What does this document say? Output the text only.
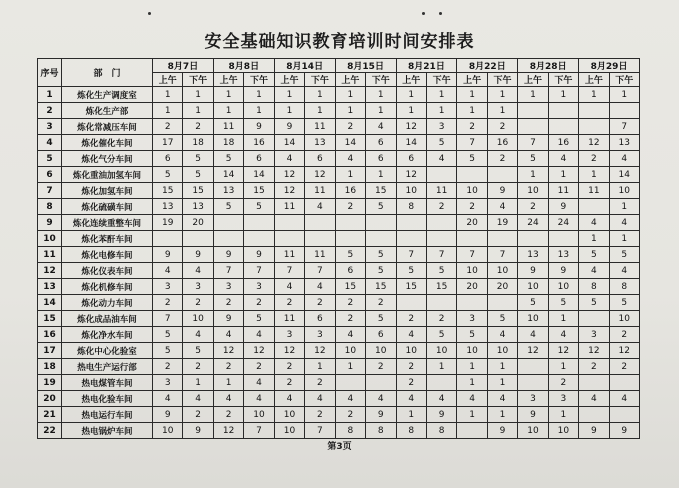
安全基础知识教育培训时间安排表
序号	部　门	8月7日		8月8日		8月14日		8月15日		8月21日		8月22日		8月28日		8月29日	
		上午	下午	上午	下午	上午	下午	上午	下午	上午	下午	上午	下午	上午	下午	上午	下午
1	炼化生产调度室	1	1	1	1	1	1	1	1	1	1	1	1	1	1	1	1
2	炼化生产部	1	1	1	1	1	1	1	1	1	1	1	1				
3	炼化常减压车间	2	2	11	9	9	11	2	4	12	3	2	2				7
4	炼化催化车间	17	18	18	16	14	13	14	6	14	5	7	16	7	16	12	13
5	炼化气分车间	6	5	5	6	4	6	4	6	6	4	5	2	5	4	2	4
6	炼化重油加氢车间	5	5	14	14	12	12	1	1	12				1	1	1	14
7	炼化加氢车间	15	15	13	15	12	11	16	15	10	11	10	9	10	11	11	10
8	炼化硫磺车间	13	13	5	5	11	4	2	5	8	2	2	4	2	9		1
9	炼化连续重整车间	19	20									20	19	24	24	4	4
10	炼化苯酐车间															1	1
11	炼化电修车间	9	9	9	9	11	11	5	5	7	7	7	7	13	13	5	5
12	炼化仪表车间	4	4	7	7	7	7	6	5	5	5	10	10	9	9	4	4
13	炼化机修车间	3	3	3	3	4	4	15	15	15	15	20	20	10	10	8	8
14	炼化动力车间	2	2	2	2	2	2	2	2					5	5	5	5
15	炼化成品油车间	7	10	9	5	11	6	2	5	2	2	3	5	10	1		10
16	炼化净水车间	5	4	4	4	3	3	4	6	4	5	5	4	4	4	3	2
17	炼化中心化验室	5	5	12	12	12	12	10	10	10	10	10	10	12	12	12	12
18	热电生产运行部	2	2	2	2	2	1	1	2	2	1	1	1		1	2	2
19	热电煤管车间	3	1	1	4	2	2			2		1	1		2		
20	热电化验车间	4	4	4	4	4	4	4	4	4	4	4	4	3	3	4	4
21	热电运行车间	9	2	2	10	10	2	2	9	1	9	1	1	9	1		
22	热电锅炉车间	10	9	12	7	10	7	8	8	8	8		9	10	10	9	9
第3页
